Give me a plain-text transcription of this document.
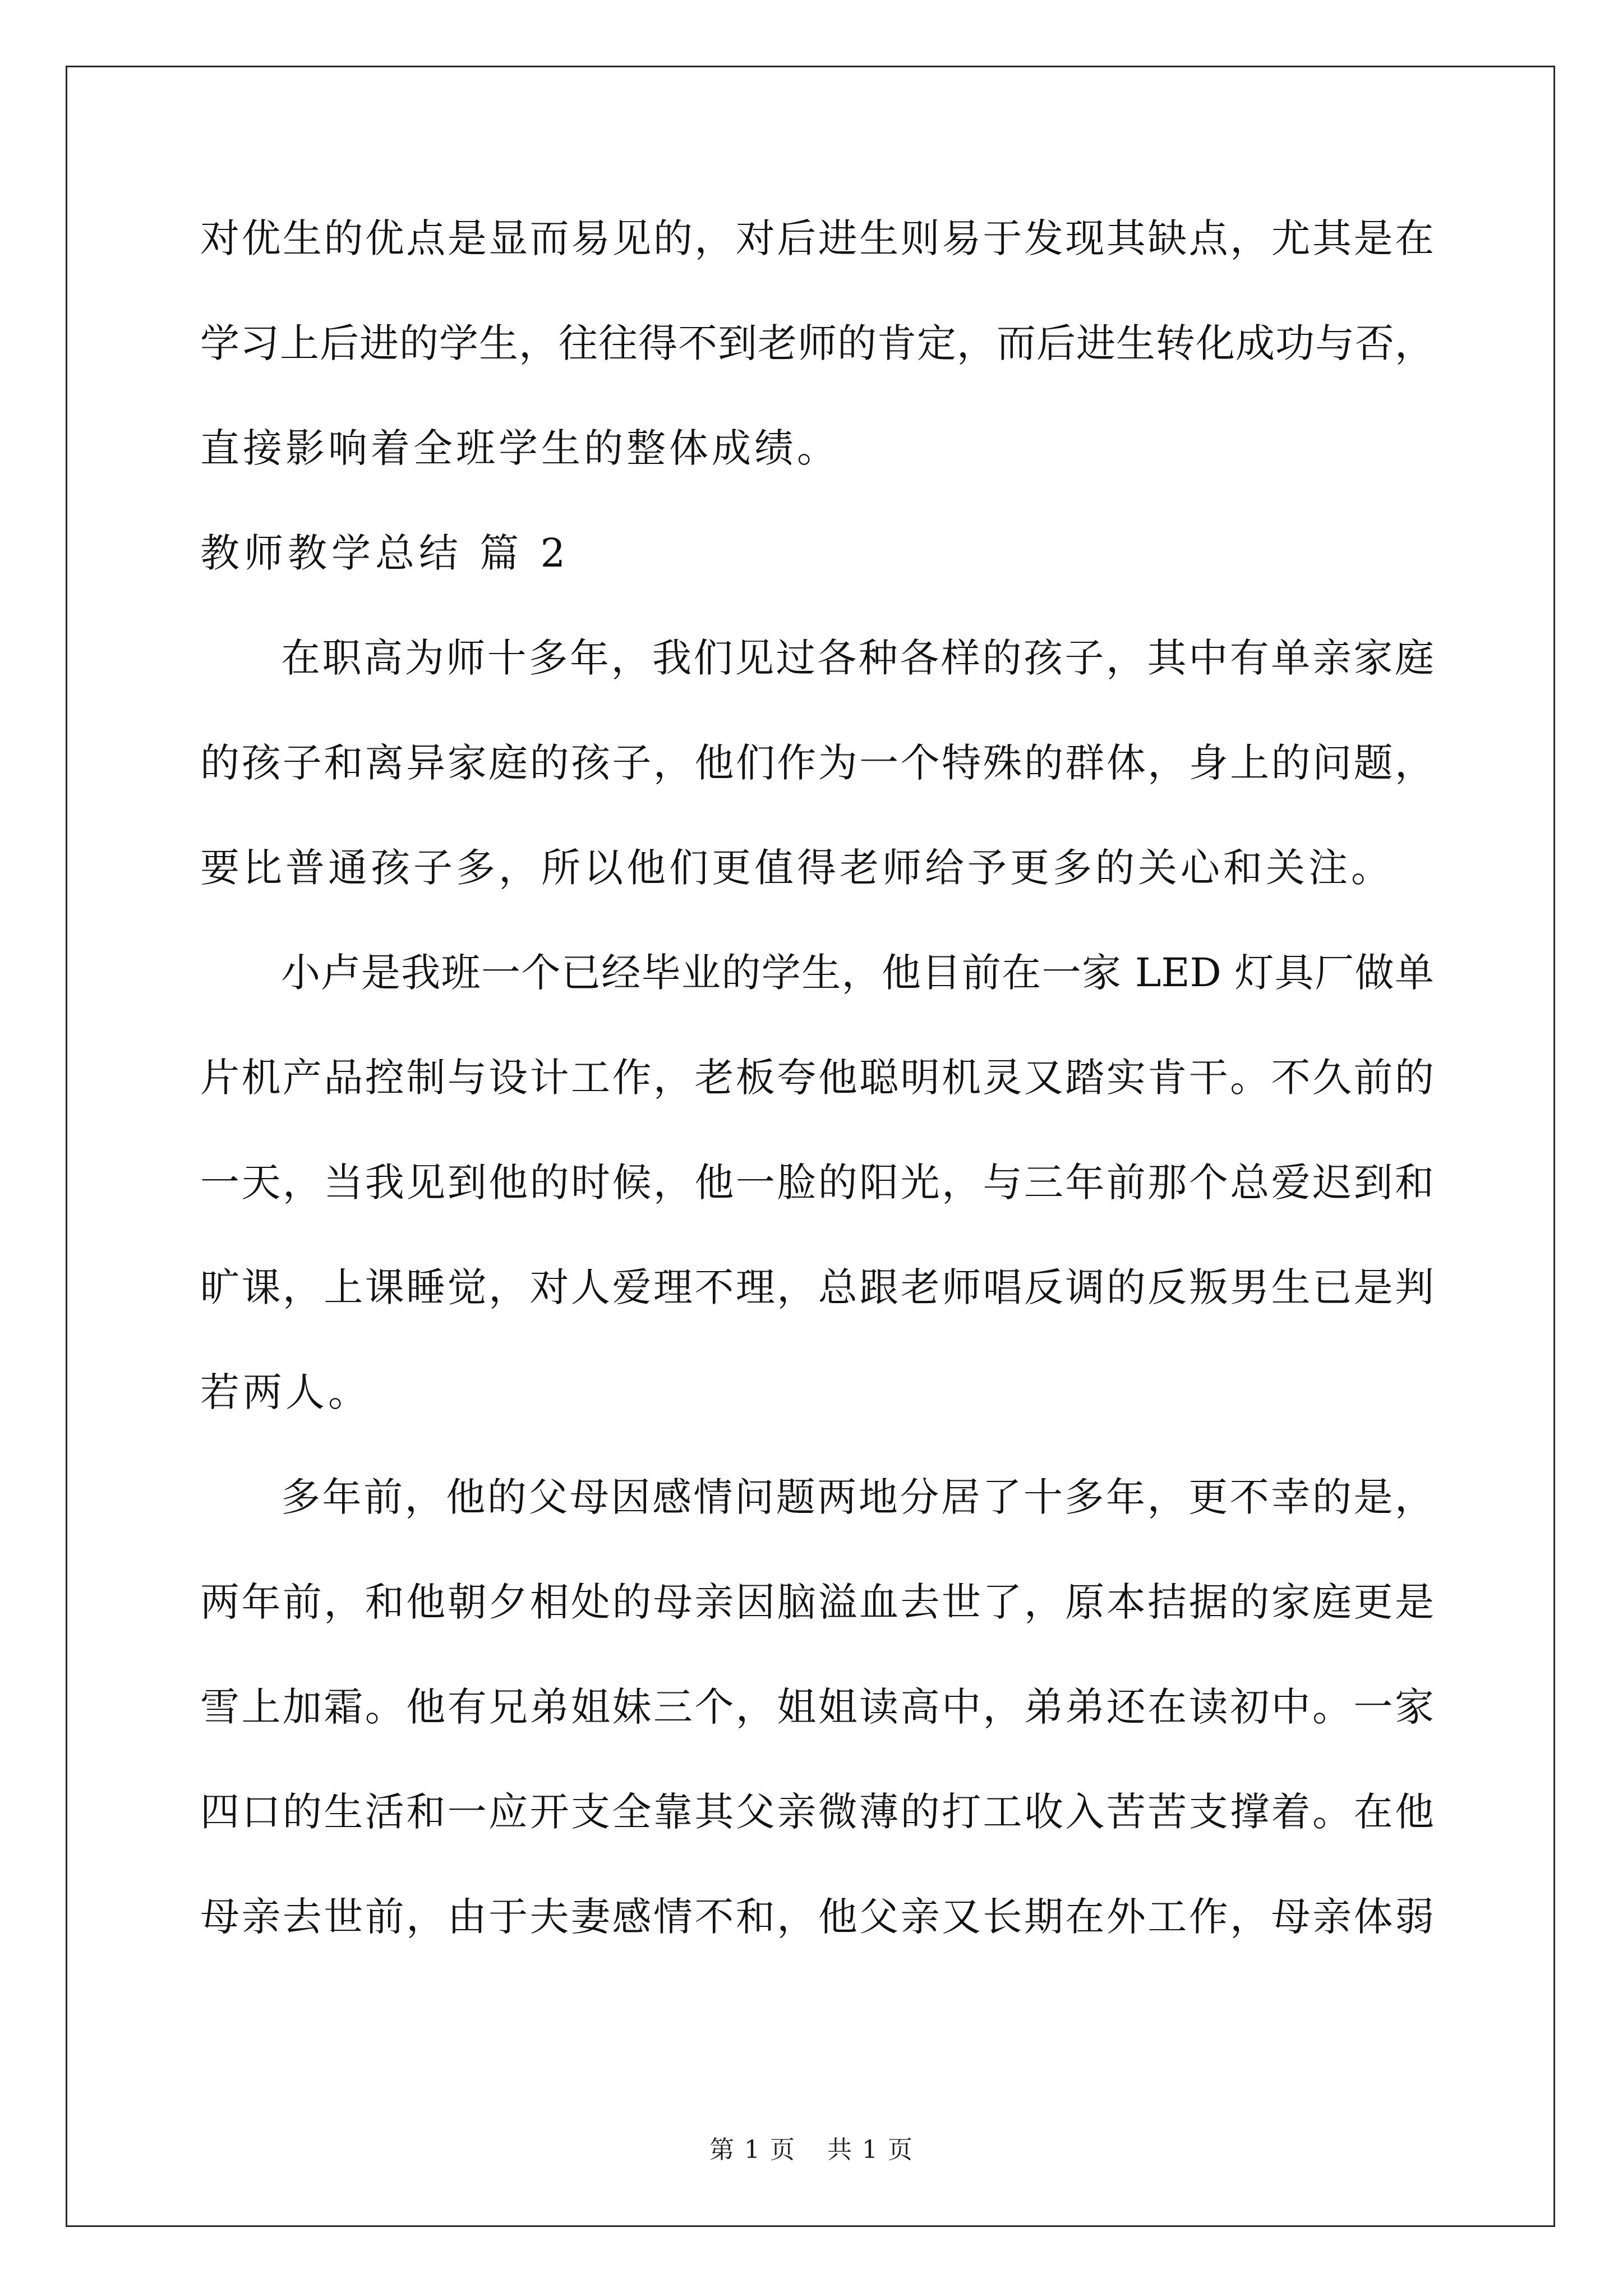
对优生的优点是显而易见的，对后进生则易于发现其缺点，尤其是在
学习上后进的学生，往往得不到老师的肯定，而后进生转化成功与否，
直接影响着全班学生的整体成绩。
教师教学总结 篇 2
在职高为师十多年，我们见过各种各样的孩子，其中有单亲家庭
的孩子和离异家庭的孩子，他们作为一个特殊的群体，身上的问题，
要比普通孩子多，所以他们更值得老师给予更多的关心和关注。
小卢是我班一个已经毕业的学生，他目前在一家 LED 灯具厂做单
片机产品控制与设计工作，老板夸他聪明机灵又踏实肯干。不久前的
一天，当我见到他的时候，他一脸的阳光，与三年前那个总爱迟到和
旷课，上课睡觉，对人爱理不理，总跟老师唱反调的反叛男生已是判
若两人。
多年前，他的父母因感情问题两地分居了十多年，更不幸的是，
两年前，和他朝夕相处的母亲因脑溢血去世了，原本拮据的家庭更是
雪上加霜。他有兄弟姐妹三个，姐姐读高中，弟弟还在读初中。一家
四口的生活和一应开支全靠其父亲微薄的打工收入苦苦支撑着。在他
母亲去世前，由于夫妻感情不和，他父亲又长期在外工作，母亲体弱
第 1 页 共 1 页
